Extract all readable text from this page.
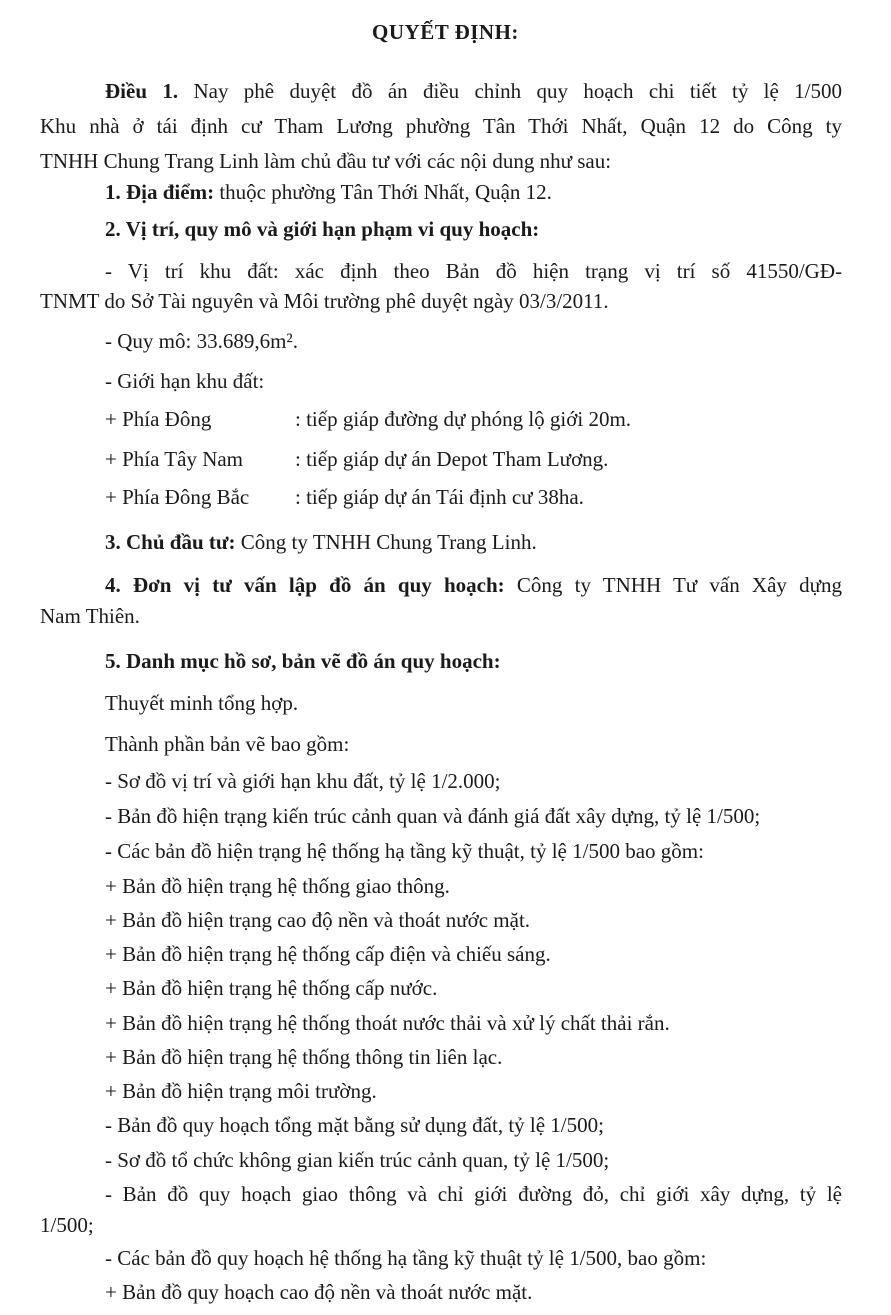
QUYẾT ĐỊNH:
Điều 1. Nay phê duyệt đồ án điều chỉnh quy hoạch chi tiết tỷ lệ 1/500
Khu nhà ở tái định cư Tham Lương phường Tân Thới Nhất, Quận 12 do Công ty
TNHH Chung Trang Linh làm chủ đầu tư với các nội dung như sau:
1. Địa điểm: thuộc phường Tân Thới Nhất, Quận 12.
2. Vị trí, quy mô và giới hạn phạm vi quy hoạch:
- Vị trí khu đất: xác định theo Bản đồ hiện trạng vị trí số 41550/GĐ-
TNMT do Sở Tài nguyên và Môi trường phê duyệt ngày 03/3/2011.
- Quy mô: 33.689,6m².
- Giới hạn khu đất:
+ Phía Đông	: tiếp giáp đường dự phóng lộ giới 20m.
+ Phía Tây Nam : tiếp giáp dự án Depot Tham Lương.
+ Phía Đông Bắc : tiếp giáp dự án Tái định cư 38ha.
3. Chủ đầu tư: Công ty TNHH Chung Trang Linh.
4. Đơn vị tư vấn lập đồ án quy hoạch: Công ty TNHH Tư vấn Xây dựng
Nam Thiên.
5. Danh mục hồ sơ, bản vẽ đồ án quy hoạch:
Thuyết minh tổng hợp.
Thành phần bản vẽ bao gồm:
- Sơ đồ vị trí và giới hạn khu đất, tỷ lệ 1/2.000;
- Bản đồ hiện trạng kiến trúc cảnh quan và đánh giá đất xây dựng, tỷ lệ 1/500;
- Các bản đồ hiện trạng hệ thống hạ tầng kỹ thuật, tỷ lệ 1/500 bao gồm:
+ Bản đồ hiện trạng hệ thống giao thông.
+ Bản đồ hiện trạng cao độ nền và thoát nước mặt.
+ Bản đồ hiện trạng hệ thống cấp điện và chiếu sáng.
+ Bản đồ hiện trạng hệ thống cấp nước.
+ Bản đồ hiện trạng hệ thống thoát nước thải và xử lý chất thải rắn.
+ Bản đồ hiện trạng hệ thống thông tin liên lạc.
+ Bản đồ hiện trạng môi trường.
- Bản đồ quy hoạch tổng mặt bằng sử dụng đất, tỷ lệ 1/500;
- Sơ đồ tổ chức không gian kiến trúc cảnh quan, tỷ lệ 1/500;
- Bản đồ quy hoạch giao thông và chỉ giới đường đỏ, chỉ giới xây dựng, tỷ lệ
1/500;
- Các bản đồ quy hoạch hệ thống hạ tầng kỹ thuật tỷ lệ 1/500, bao gồm:
+ Bản đồ quy hoạch cao độ nền và thoát nước mặt.
